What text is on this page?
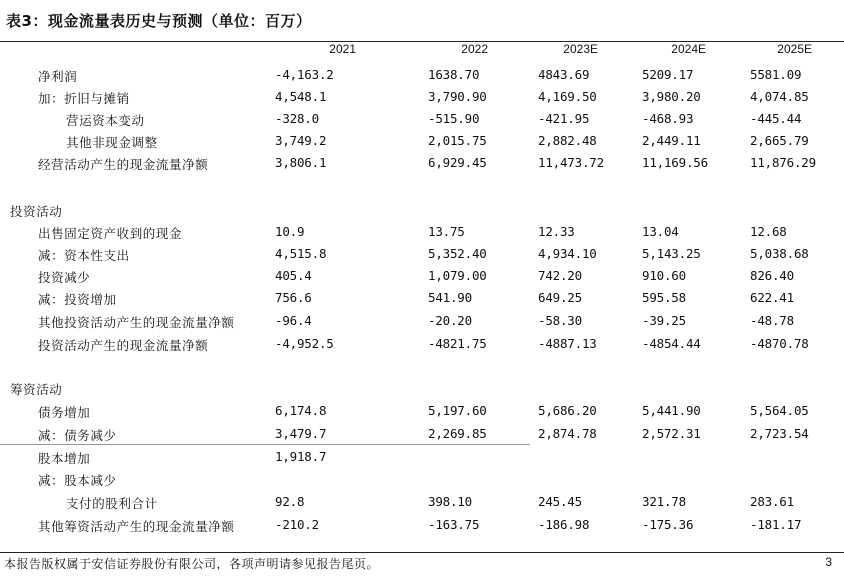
表3：现金流量表历史与预测（单位：百万）
2021	2022	2023E	2024E	2025E
净利润	-4,163.2	1638.70	4843.69	5209.17	5581.09
加：折旧与摊销	4,548.1	3,790.90	4,169.50	3,980.20	4,074.85
营运资本变动	-328.0	-515.90	-421.95	-468.93	-445.44
其他非现金调整	3,749.2	2,015.75	2,882.48	2,449.11	2,665.79
经营活动产生的现金流量净额	3,806.1	6,929.45	11,473.72	11,169.56	11,876.29
投资活动
出售固定资产收到的现金	10.9	13.75	12.33	13.04	12.68
减：资本性支出	4,515.8	5,352.40	4,934.10	5,143.25	5,038.68
投资减少	405.4	1,079.00	742.20	910.60	826.40
减：投资增加	756.6	541.90	649.25	595.58	622.41
其他投资活动产生的现金流量净额	-96.4	-20.20	-58.30	-39.25	-48.78
投资活动产生的现金流量净额	-4,952.5	-4821.75	-4887.13	-4854.44	-4870.78
筹资活动
债务增加	6,174.8	5,197.60	5,686.20	5,441.90	5,564.05
减：债务减少	3,479.7	2,269.85	2,874.78	2,572.31	2,723.54
股本增加	1,918.7
减：股本减少
支付的股利合计	92.8	398.10	245.45	321.78	283.61
其他筹资活动产生的现金流量净额	-210.2	-163.75	-186.98	-175.36	-181.17
本报告版权属于安信证券股份有限公司，各项声明请参见报告尾页。	3
